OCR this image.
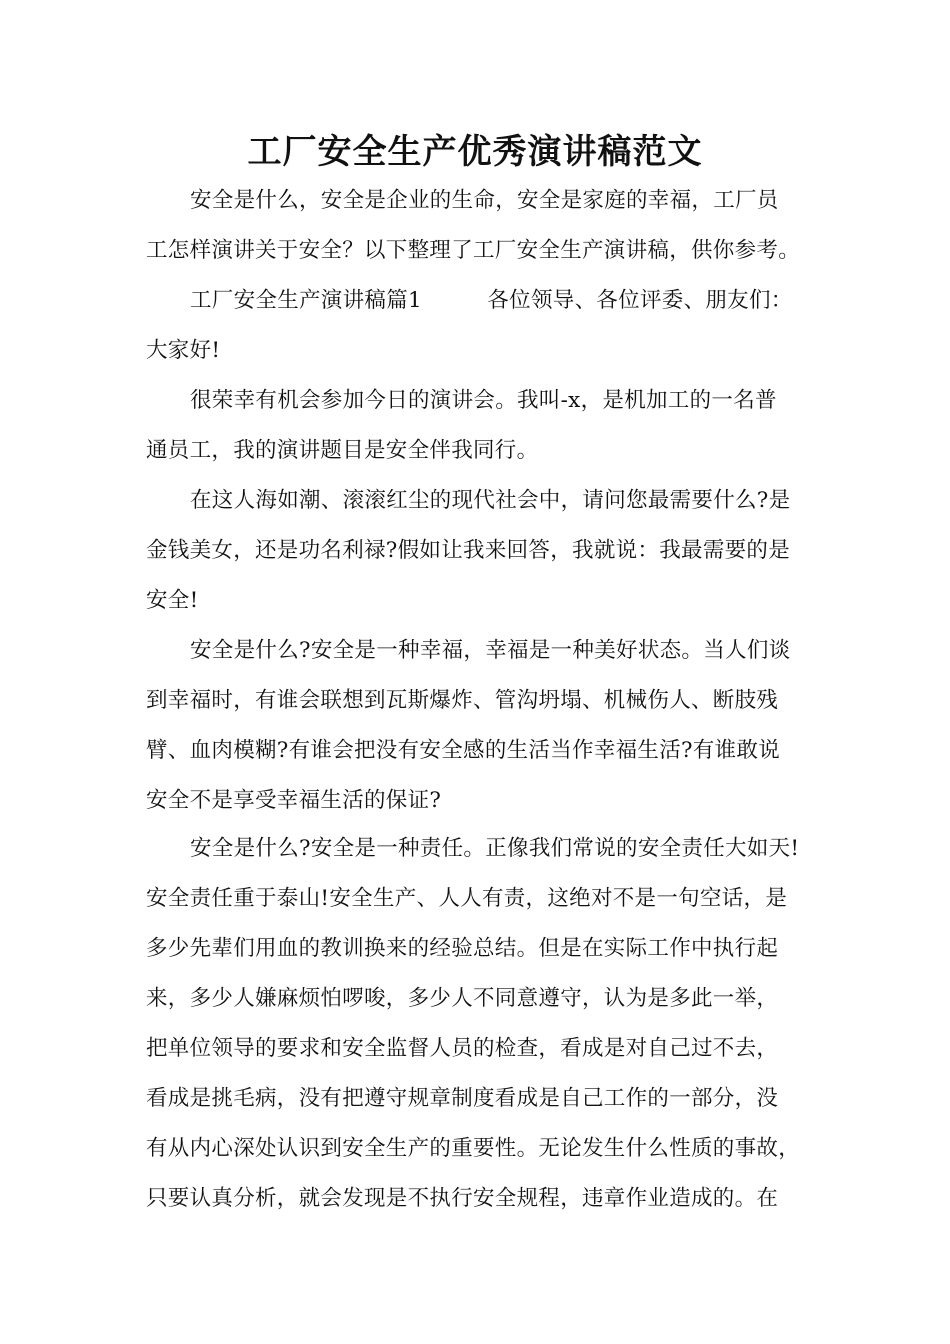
工厂安全生产优秀演讲稿范文
安全是什么，安全是企业的生命，安全是家庭的幸福，工厂员
工怎样演讲关于安全？以下整理了工厂安全生产演讲稿，供你参考。
工厂安全生产演讲稿篇1　　　各位领导、各位评委、朋友们：
大家好!
很荣幸有机会参加今日的演讲会。我叫-x，是机加工的一名普
通员工，我的演讲题目是安全伴我同行。
在这人海如潮、滚滚红尘的现代社会中，请问您最需要什么?是
金钱美女，还是功名利禄?假如让我来回答，我就说：我最需要的是
安全!
安全是什么?安全是一种幸福，幸福是一种美好状态。当人们谈
到幸福时，有谁会联想到瓦斯爆炸、管沟坍塌、机械伤人、断肢残
臂、血肉模糊?有谁会把没有安全感的生活当作幸福生活?有谁敢说
安全不是享受幸福生活的保证?
安全是什么?安全是一种责任。正像我们常说的安全责任大如天!
安全责任重于泰山!安全生产、人人有责，这绝对不是一句空话，是
多少先辈们用血的教训换来的经验总结。但是在实际工作中执行起
来，多少人嫌麻烦怕啰唆，多少人不同意遵守，认为是多此一举，
把单位领导的要求和安全监督人员的检查，看成是对自己过不去，
看成是挑毛病，没有把遵守规章制度看成是自己工作的一部分，没
有从内心深处认识到安全生产的重要性。无论发生什么性质的事故，
只要认真分析，就会发现是不执行安全规程，违章作业造成的。在
